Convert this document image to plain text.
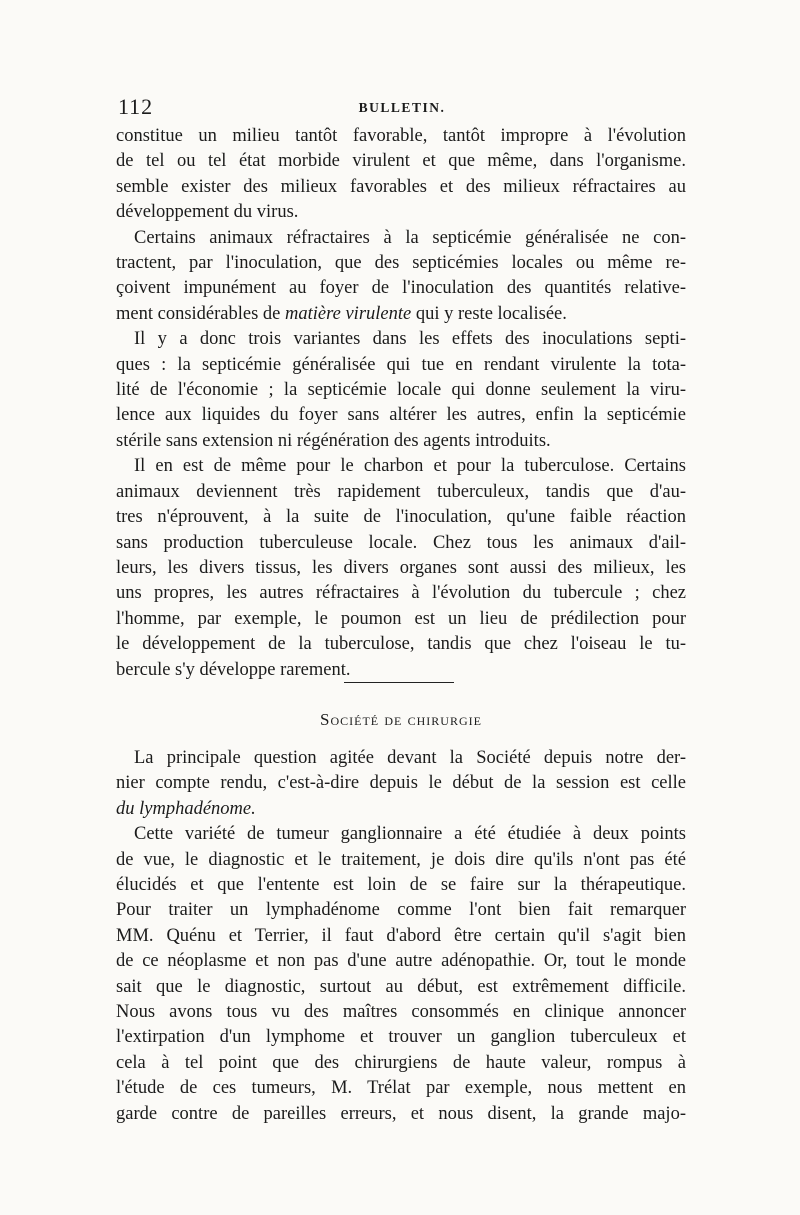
112	BULLETIN.

constitue un milieu tantôt favorable, tantôt impropre à l'évolution
de tel ou tel état morbide virulent et que même, dans l'organisme.
semble exister des milieux favorables et des milieux réfractaires au
développement du virus.

Certains animaux réfractaires à la septicémie généralisée ne con-
tractent, par l'inoculation, que des septicémies locales ou même re-
çoivent impunément au foyer de l'inoculation des quantités relative-
ment considérables de matière virulente qui y reste localisée.

Il y a donc trois variantes dans les effets des inoculations septi-
ques : la septicémie généralisée qui tue en rendant virulente la tota-
lité de l'économie ; la septicémie locale qui donne seulement la viru-
lence aux liquides du foyer sans altérer les autres, enfin la septicémie
stérile sans extension ni régénération des agents introduits.

Il en est de même pour le charbon et pour la tuberculose. Certains
animaux deviennent très rapidement tuberculeux, tandis que d'au-
tres n'éprouvent, à la suite de l'inoculation, qu'une faible réaction
sans production tuberculeuse locale. Chez tous les animaux d'ail-
leurs, les divers tissus, les divers organes sont aussi des milieux, les
uns propres, les autres réfractaires à l'évolution du tubercule ; chez
l'homme, par exemple, le poumon est un lieu de prédilection pour
le développement de la tuberculose, tandis que chez l'oiseau le tu-
bercule s'y développe rarement.

Société de chirurgie

La principale question agitée devant la Société depuis notre der-
nier compte rendu, c'est-à-dire depuis le début de la session est celle
du lymphadénome.

Cette variété de tumeur ganglionnaire a été étudiée à deux points
de vue, le diagnostic et le traitement, je dois dire qu'ils n'ont pas été
élucidés et que l'entente est loin de se faire sur la thérapeutique.
Pour traiter un lymphadénome comme l'ont bien fait remarquer
MM. Quénu et Terrier, il faut d'abord être certain qu'il s'agit bien
de ce néoplasme et non pas d'une autre adénopathie. Or, tout le monde
sait que le diagnostic, surtout au début, est extrêmement difficile.
Nous avons tous vu des maîtres consommés en clinique annoncer
l'extirpation d'un lymphome et trouver un ganglion tuberculeux et
cela à tel point que des chirurgiens de haute valeur, rompus à
l'étude de ces tumeurs, M. Trélat par exemple, nous mettent en
garde contre de pareilles erreurs, et nous disent, la grande majo-
